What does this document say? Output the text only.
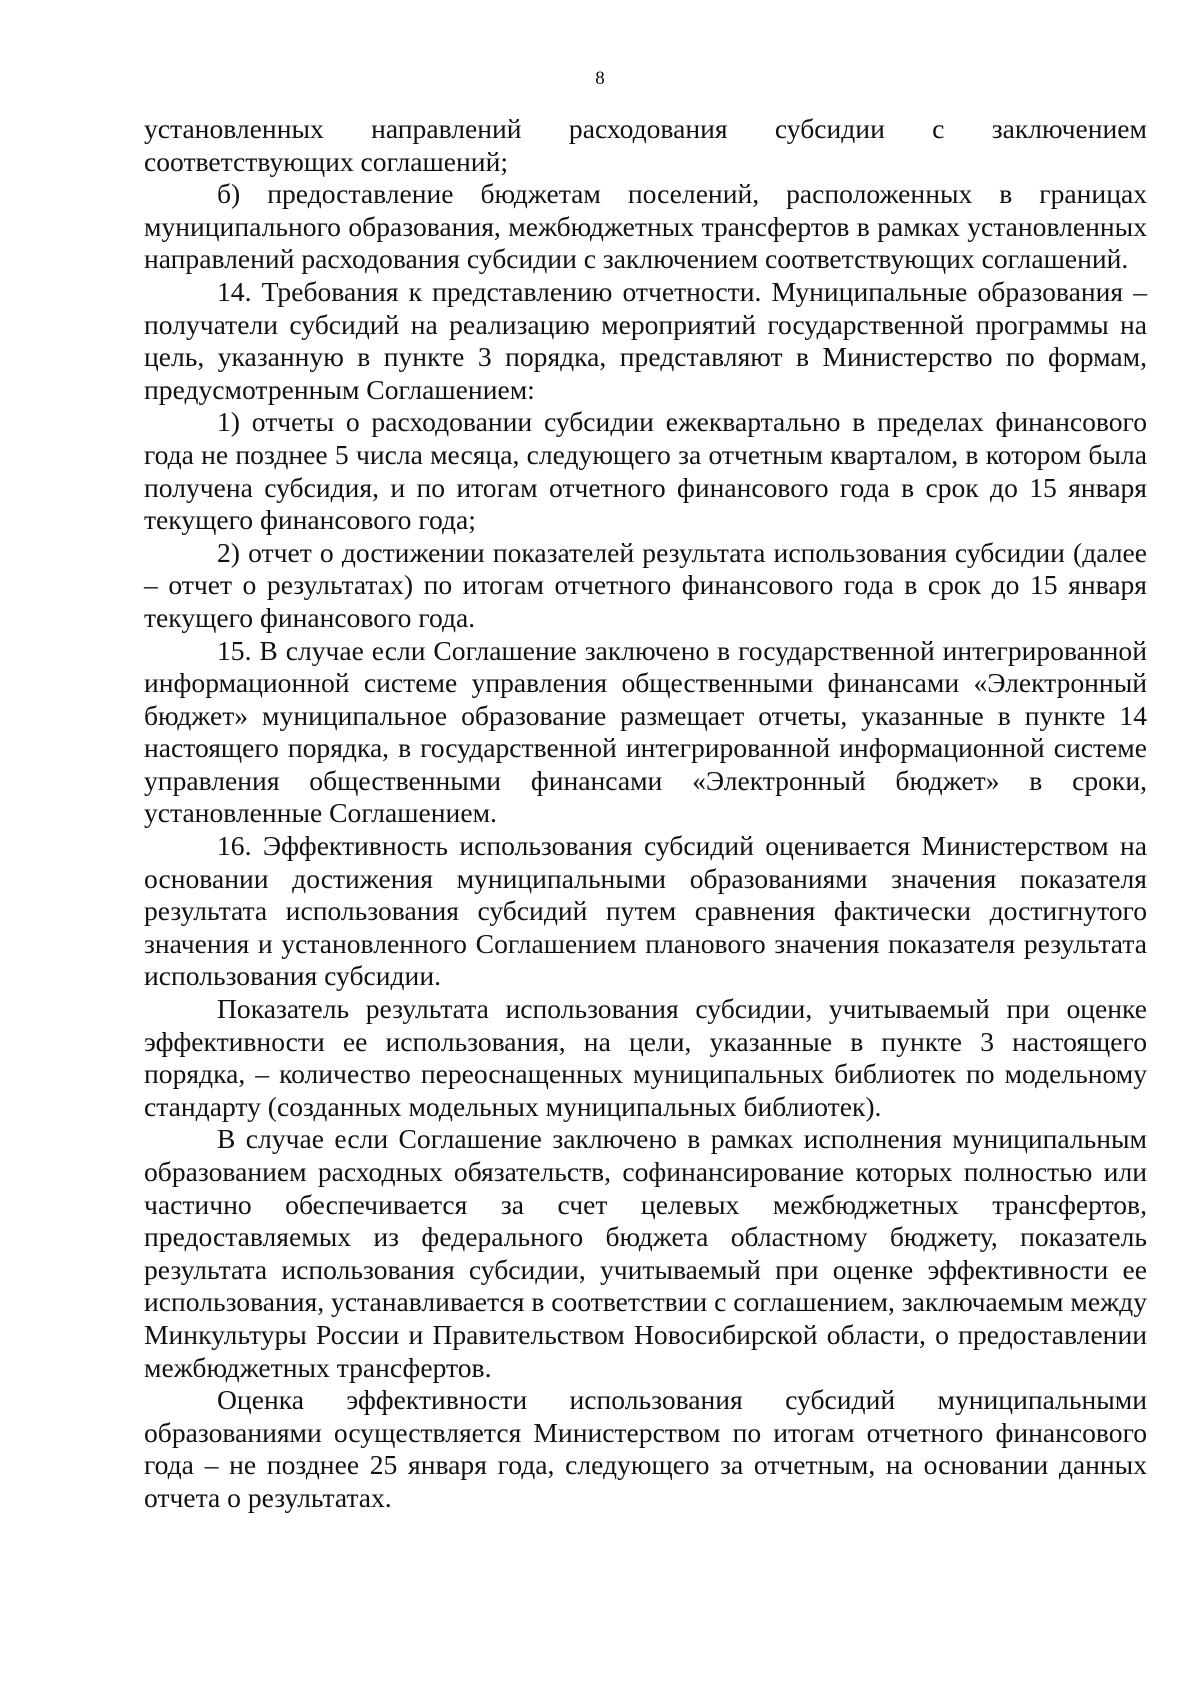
8

установленных направлений расходования субсидии с заключением соответствующих соглашений;

б) предоставление бюджетам поселений, расположенных в границах муниципального образования, межбюджетных трансфертов в рамках установленных направлений расходования субсидии с заключением соответствующих соглашений.

14. Требования к представлению отчетности. Муниципальные образования – получатели субсидий на реализацию мероприятий государственной программы на цель, указанную в пункте 3 порядка, представляют в Министерство по формам, предусмотренным Соглашением:

1) отчеты о расходовании субсидии ежеквартально в пределах финансового года не позднее 5 числа месяца, следующего за отчетным кварталом, в котором была получена субсидия, и по итогам отчетного финансового года в срок до 15 января текущего финансового года;

2) отчет о достижении показателей результата использования субсидии (далее – отчет о результатах) по итогам отчетного финансового года в срок до 15 января текущего финансового года.

15. В случае если Соглашение заключено в государственной интегрированной информационной системе управления общественными финансами «Электронный бюджет» муниципальное образование размещает отчеты, указанные в пункте 14 настоящего порядка, в государственной интегрированной информационной системе управления общественными финансами «Электронный бюджет» в сроки, установленные Соглашением.

16. Эффективность использования субсидий оценивается Министерством на основании достижения муниципальными образованиями значения показателя результата использования субсидий путем сравнения фактически достигнутого значения и установленного Соглашением планового значения показателя результата использования субсидии.

Показатель результата использования субсидии, учитываемый при оценке эффективности ее использования, на цели, указанные в пункте 3 настоящего порядка, – количество переоснащенных муниципальных библиотек по модельному стандарту (созданных модельных муниципальных библиотек).

В случае если Соглашение заключено в рамках исполнения муниципальным образованием расходных обязательств, софинансирование которых полностью или частично обеспечивается за счет целевых межбюджетных трансфертов, предоставляемых из федерального бюджета областному бюджету, показатель результата использования субсидии, учитываемый при оценке эффективности ее использования, устанавливается в соответствии с соглашением, заключаемым между Минкультуры России и Правительством Новосибирской области, о предоставлении межбюджетных трансфертов.

Оценка эффективности использования субсидий муниципальными образованиями осуществляется Министерством по итогам отчетного финансового года – не позднее 25 января года, следующего за отчетным, на основании данных отчета о результатах.
